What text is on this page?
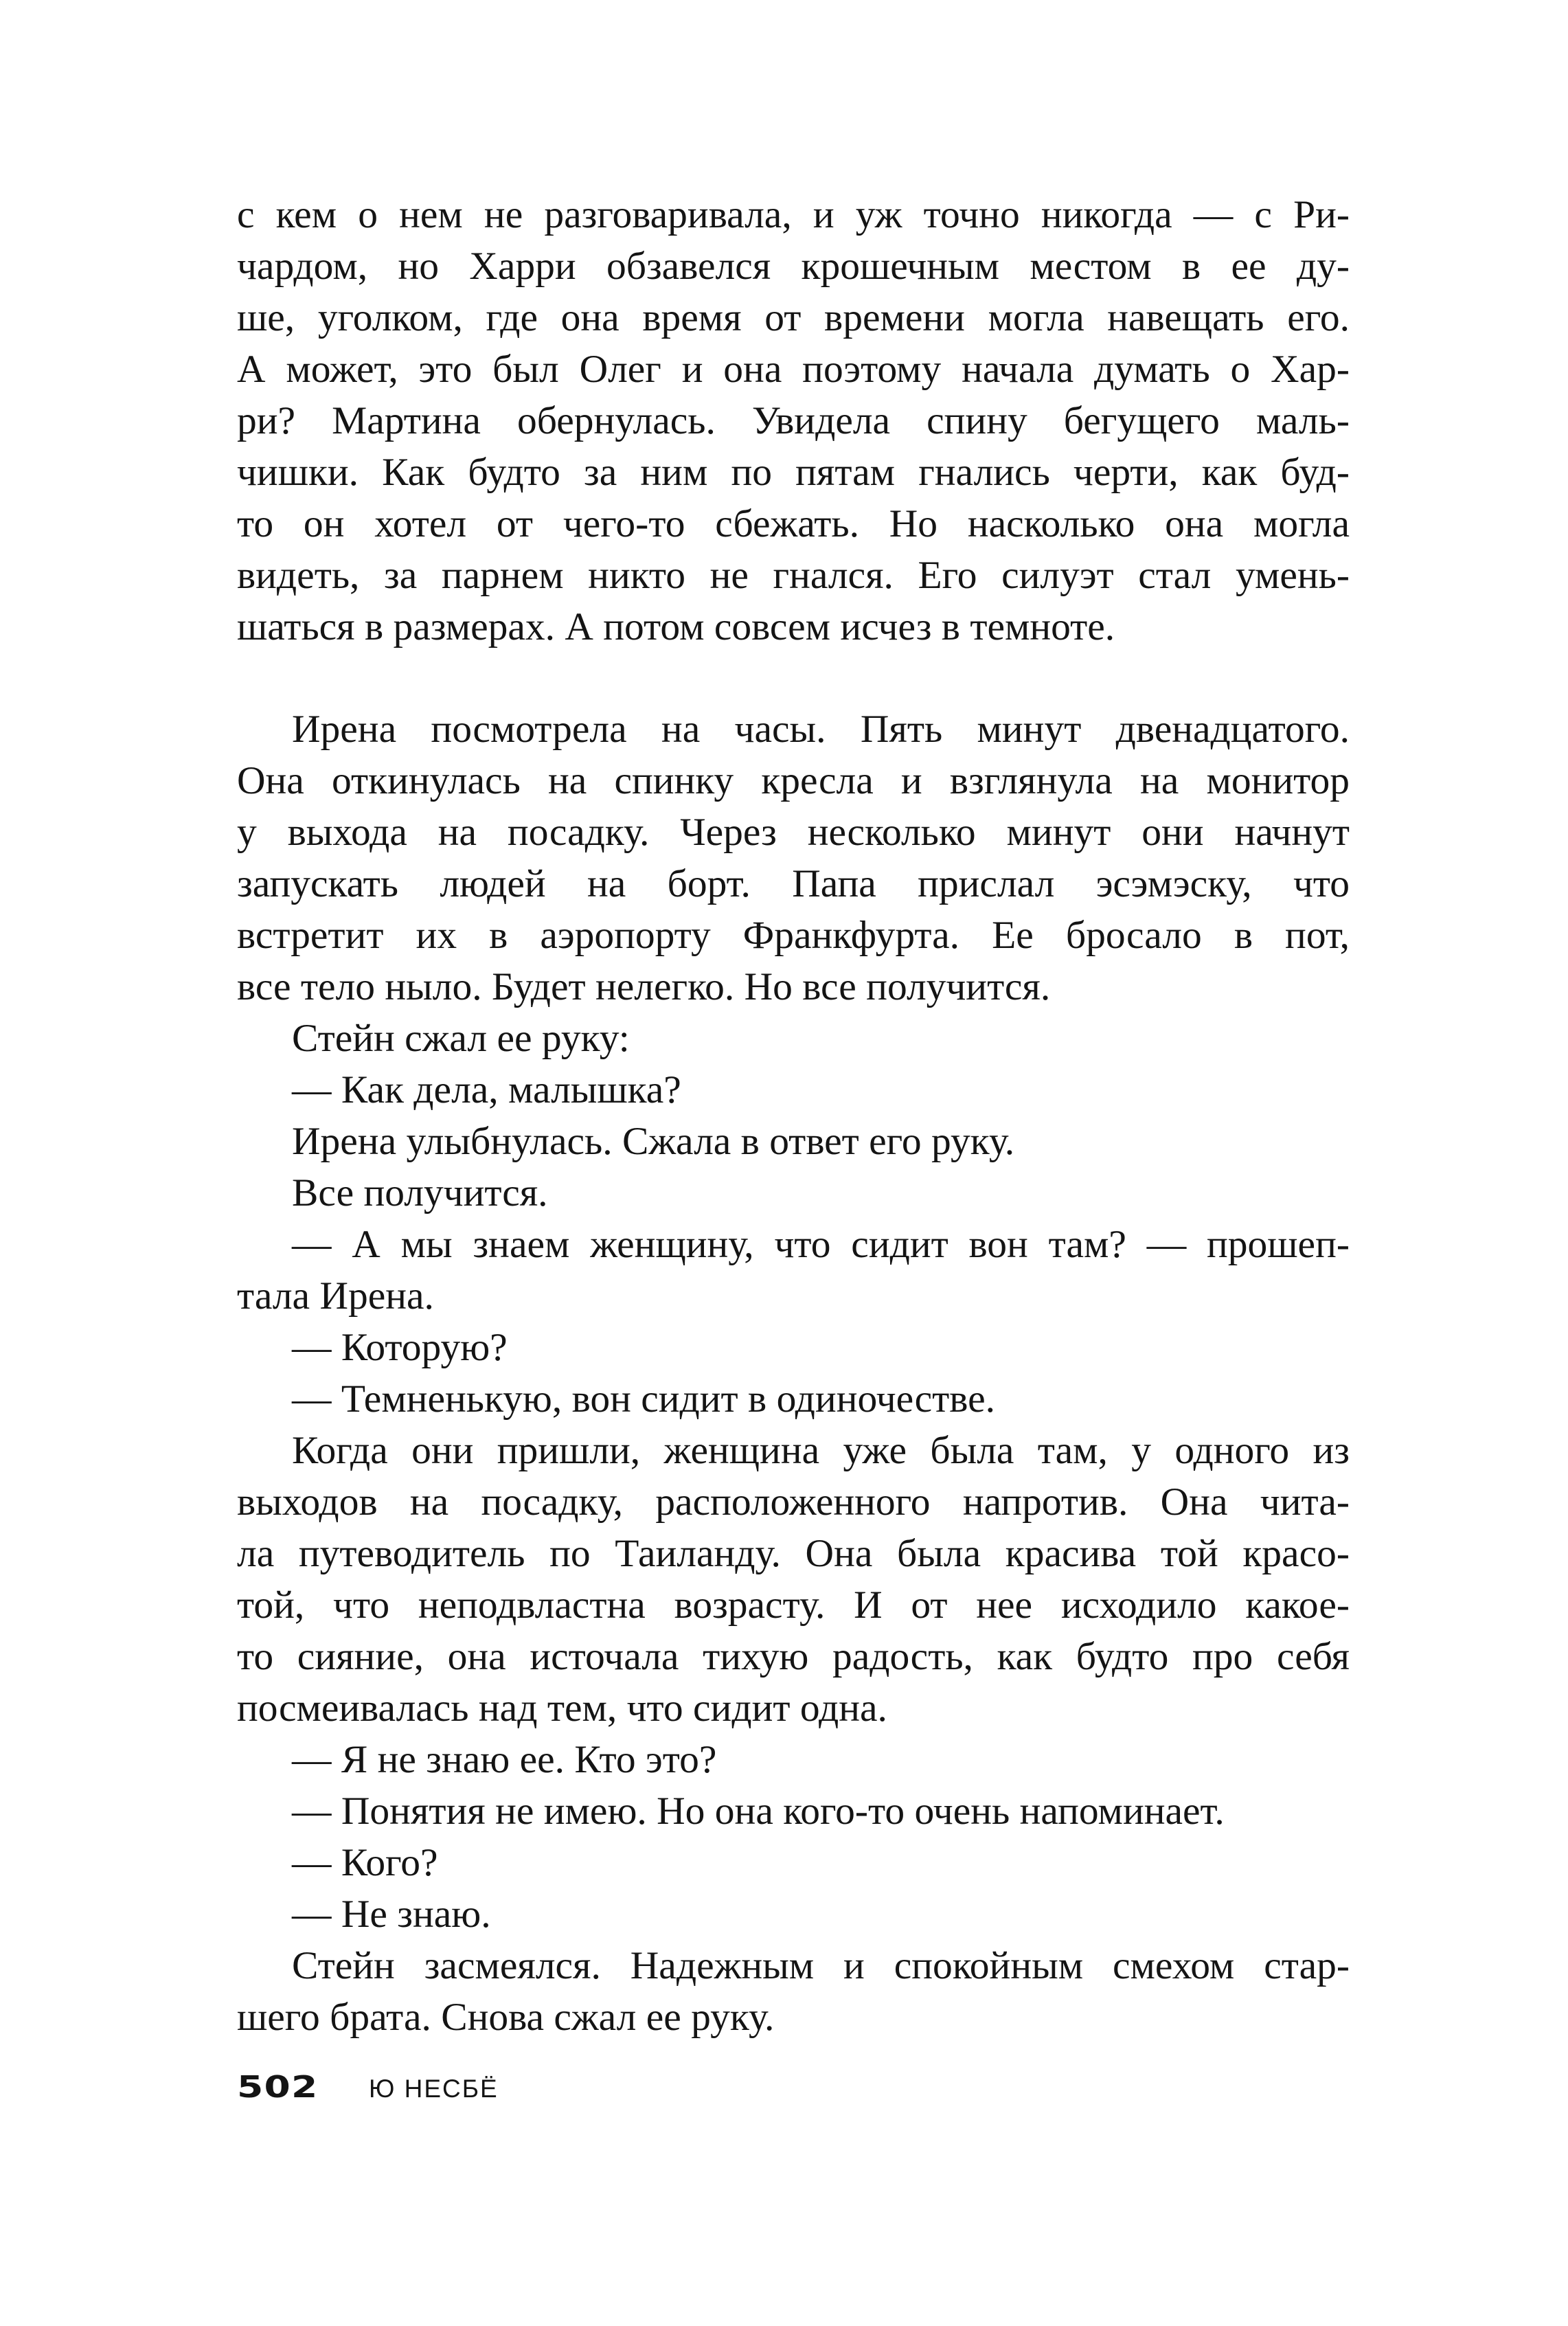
с кем о нем не разговаривала, и уж точно никогда — с Ри-

чардом, но Харри обзавелся крошечным местом в ее ду-

ше, уголком, где она время от времени могла навещать его.

А может, это был Олег и она поэтому начала думать о Хар-

ри? Мартина обернулась. Увидела спину бегущего маль-

чишки. Как будто за ним по пятам гнались черти, как буд-

то он хотел от чего-то сбежать. Но насколько она могла

видеть, за парнем никто не гнался. Его силуэт стал умень-

шаться в размерах. А потом совсем исчез в темноте.

Ирена посмотрела на часы. Пять минут двенадцатого.

Она откинулась на спинку кресла и взглянула на монитор

у выхода на посадку. Через несколько минут они начнут

запускать людей на борт. Папа прислал эсэмэску, что

встретит их в аэропорту Франкфурта. Ее бросало в пот,

все тело ныло. Будет нелегко. Но все получится.

Стейн сжал ее руку:

— Как дела, малышка?

Ирена улыбнулась. Сжала в ответ его руку.

Все получится.

— А мы знаем женщину, что сидит вон там? — прошеп-

тала Ирена.

— Которую?

— Темненькую, вон сидит в одиночестве.

Когда они пришли, женщина уже была там, у одного из

выходов на посадку, расположенного напротив. Она чита-

ла путеводитель по Таиланду. Она была красива той красо-

той, что неподвластна возрасту. И от нее исходило какое-

то сияние, она источала тихую радость, как будто про себя

посмеивалась над тем, что сидит одна.

— Я не знаю ее. Кто это?

— Понятия не имею. Но она кого-то очень напоминает.

— Кого?

— Не знаю.

Стейн засмеялся. Надежным и спокойным смехом стар-

шего брата. Снова сжал ее руку.

502	Ю НЕСБЁ
